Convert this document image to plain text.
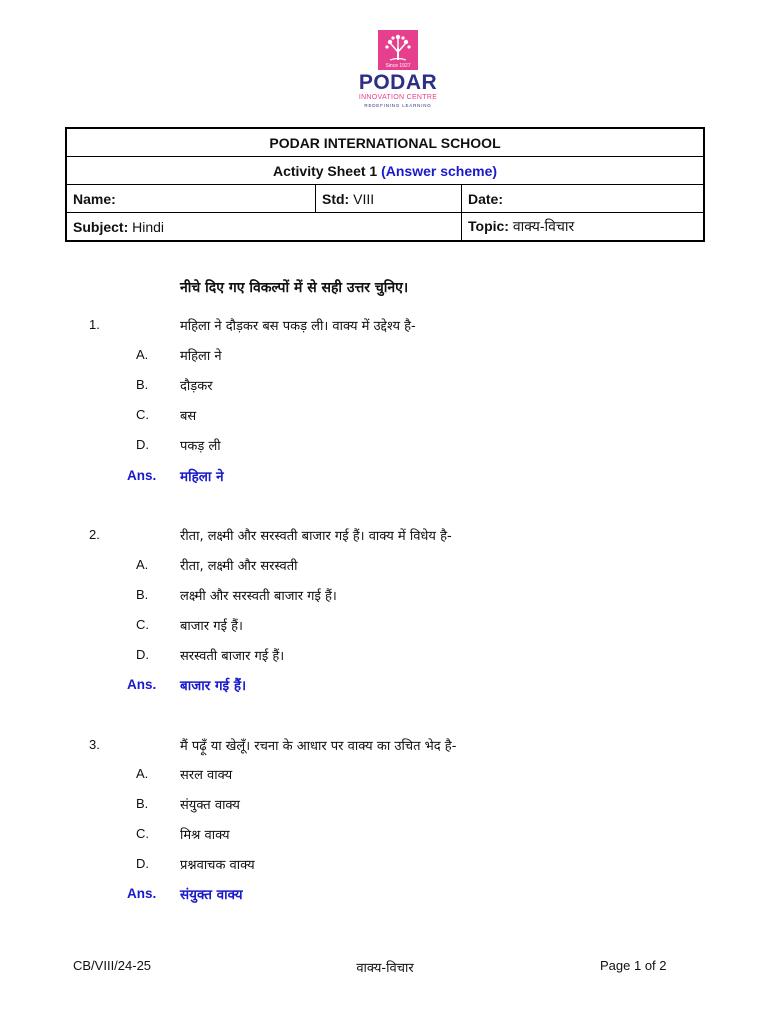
Since 1927
PODAR
INNOVATION CENTRE
REDEFINING LEARNING
PODAR INTERNATIONAL SCHOOL		
Activity Sheet 1 (Answer scheme)		
Name:	Std: VIII	Date:
Subject: Hindi		Topic: वाक्य-विचार
नीचे दिए गए विकल्पों में से सही उत्तर चुनिए।
1.	महिला ने दौड़कर बस पकड़ ली। वाक्य में उद्देश्य है-
A. महिला ने
B. दौड़कर
C. बस
D. पकड़ ली
Ans. महिला ने
2.	रीता, लक्ष्मी और सरस्वती बाजार गई हैं। वाक्य में विधेय है-
A. रीता, लक्ष्मी और सरस्वती
B. लक्ष्मी और सरस्वती बाजार गई हैं।
C. बाजार गई हैं।
D. सरस्वती बाजार गई हैं।
Ans. बाजार गई हैं।
3.	मैं पढ़ूँ या खेलूँ। रचना के आधार पर वाक्य का उचित भेद है-
A. सरल वाक्य
B. संयुक्त वाक्य
C. मिश्र वाक्य
D. प्रश्नवाचक वाक्य
Ans. संयुक्त वाक्य
CB/VIII/24-25	वाक्य-विचार	Page 1 of 2
